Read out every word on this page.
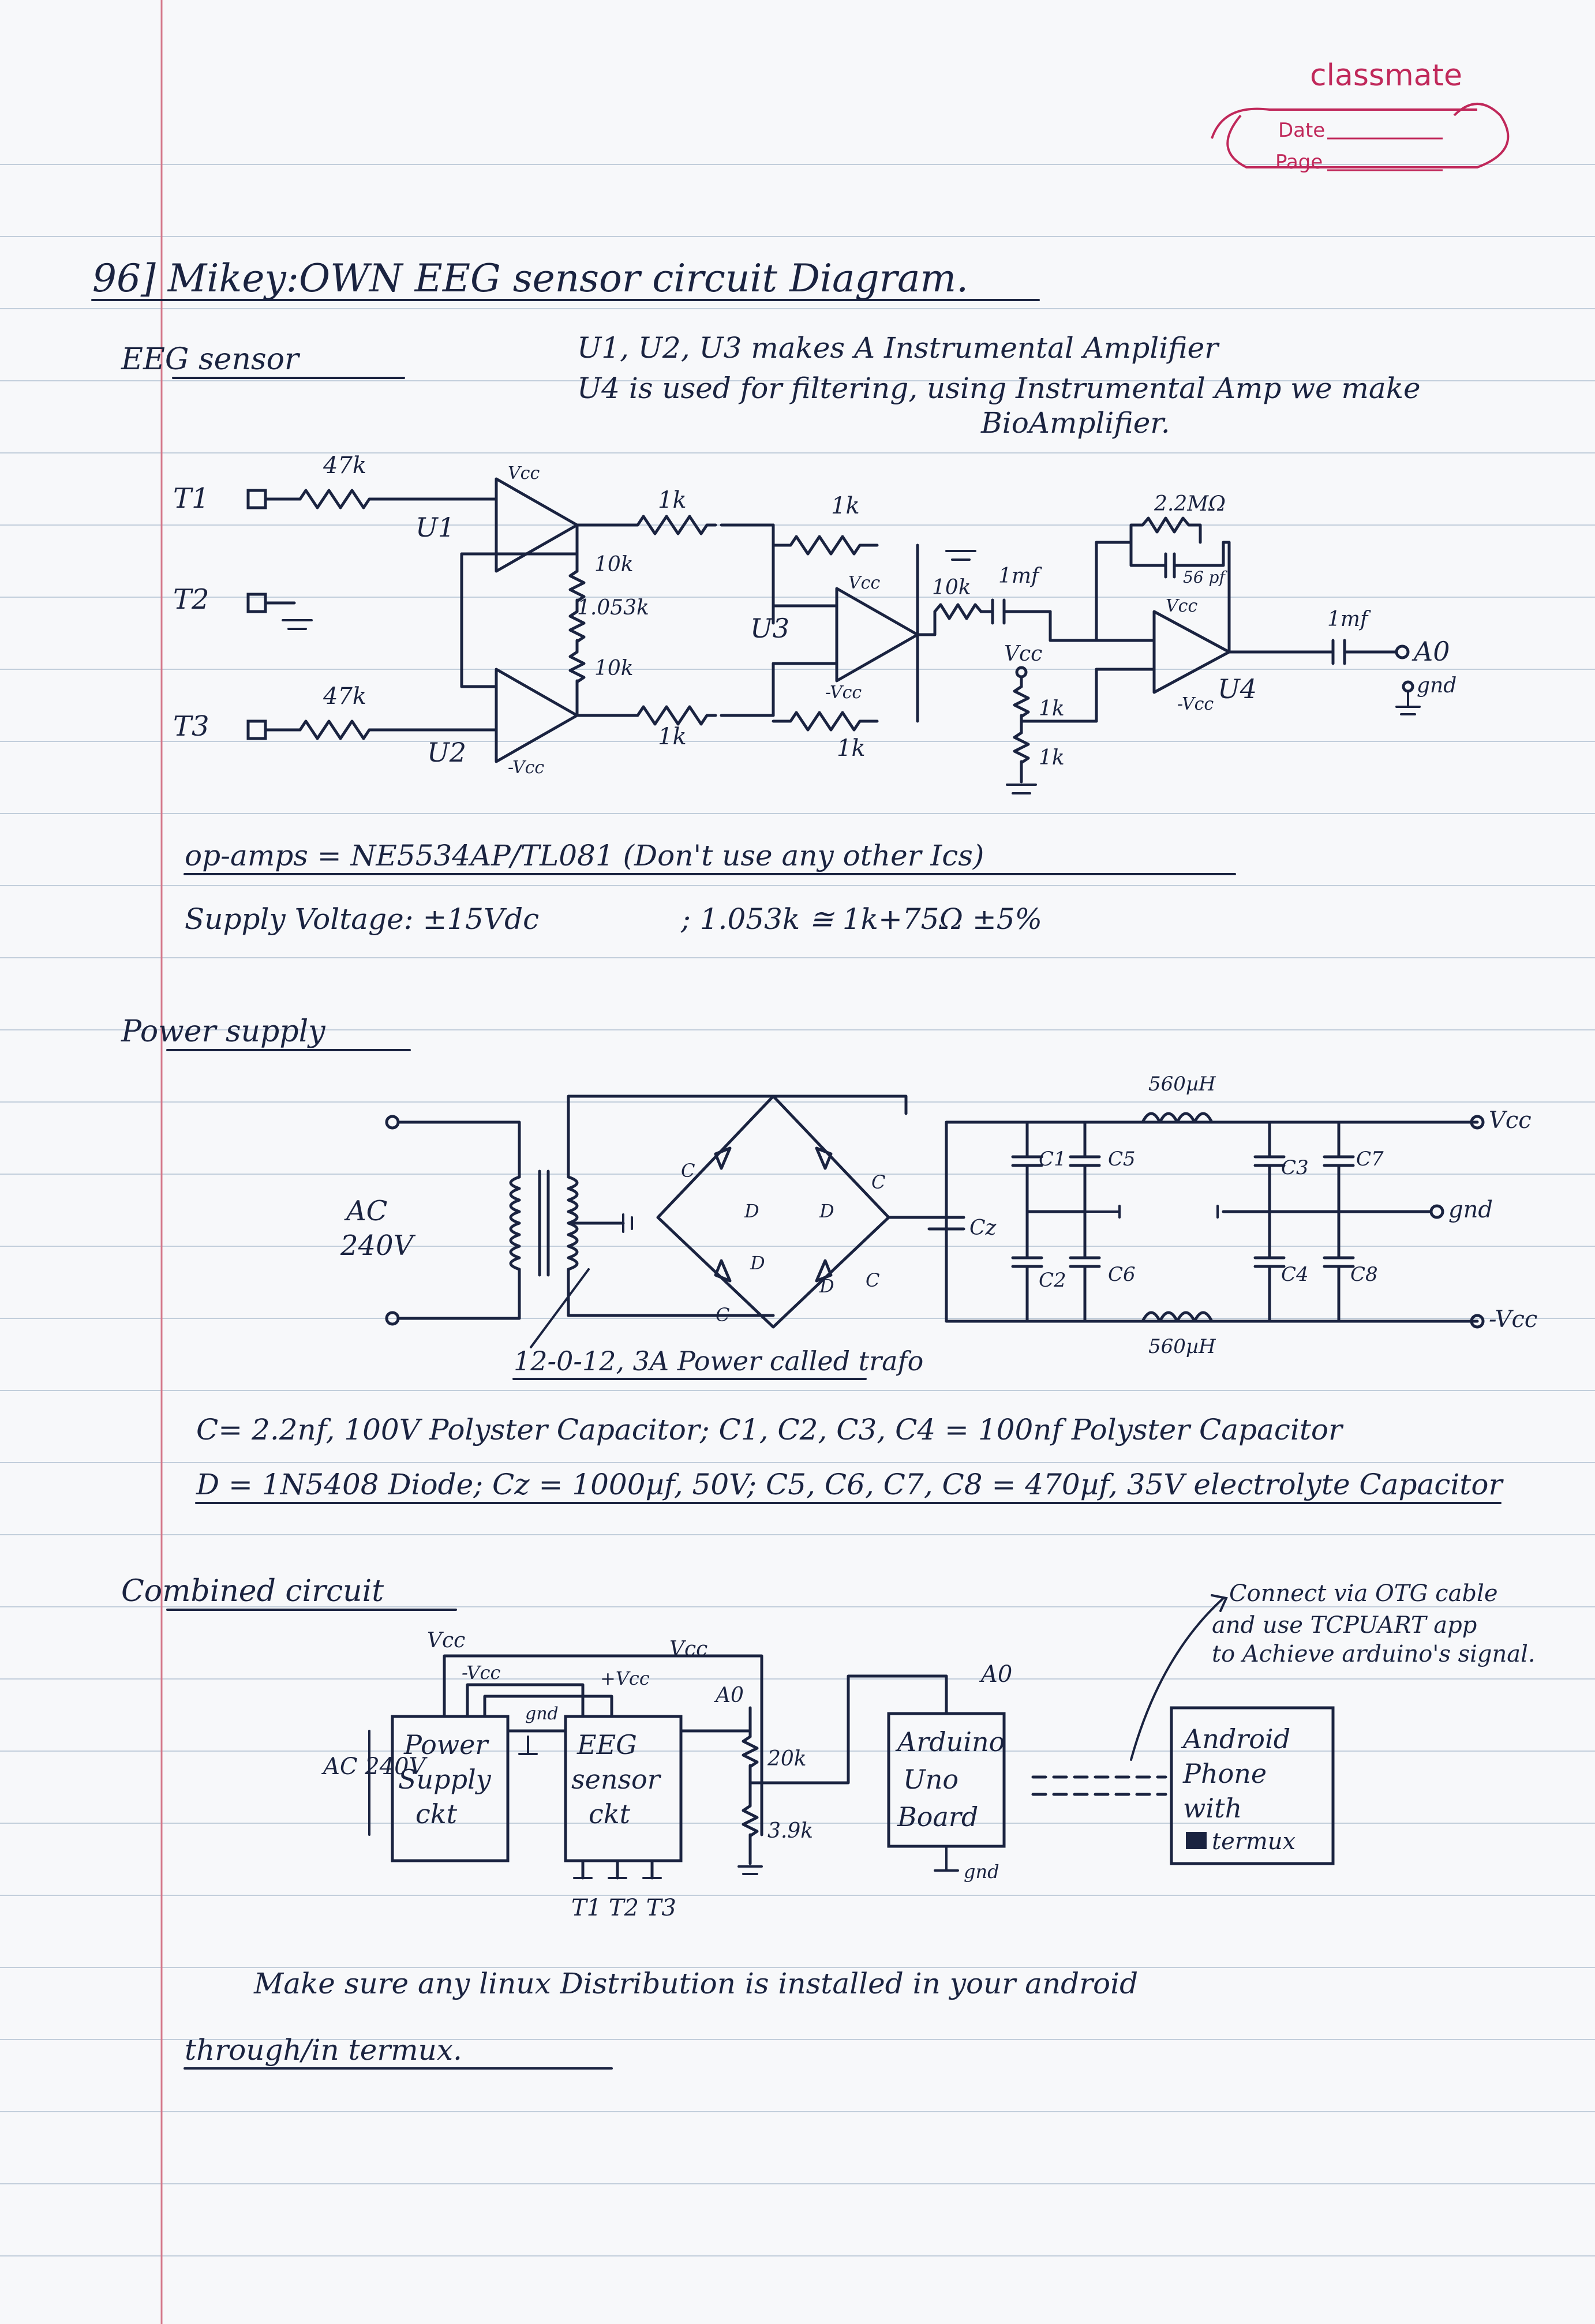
classmate
Date
Page
96] Mikey:OWN EEG sensor circuit Diagram.
EEG sensor	U1, U2, U3 makes A Instrumental Amplifier
U4 is used for filtering, using Instrumental Amp we make
BioAmplifier.
T1
T2
T3
47k
47k
U1
Vcc
U2 -Vcc
10k
1.053k
10k
1k
1k
U3
Vcc
-Vcc
1k
1k
10k 1mf
Vcc
1k
1k
Vcc
-Vcc U4
2.2MΩ
56 pf
1mf
A0
gnd
op-amps = NE5534AP/TL081 (Don't use any other Ics)
Supply Voltage: ±15Vdc	; 1.053k ≅ 1k+75Ω ±5%
Power supply
AC
240V
D	D
D
D
C
C
C
C
Cz
C1 C5
C2 C6
560µH
560µH
C3 C7
C4 C8
Vcc
gnd
-Vcc
12-0-12, 3A Power called trafo
C= 2.2nf, 100V Polyster Capacitor; C1, C2, C3, C4 = 100nf Polyster Capacitor
D = 1N5408 Diode; Cz = 1000µf, 50V; C5, C6, C7, C8 = 470µf, 35V electrolyte Capacitor
Combined circuit
Vcc
Power
Supply
ckt
AC 240V
EEG
sensor
ckt
-Vcc	+Vcc
Vcc
gnd
T1 T2 T3
A0
20k
3.9k
A0
Arduino
Uno
Board
gnd
Android
Phone
with
termux
Connect via OTG cable
and use TCPUART app
to Achieve arduino's signal.
Make sure any linux Distribution is installed in your android
through/in termux.
